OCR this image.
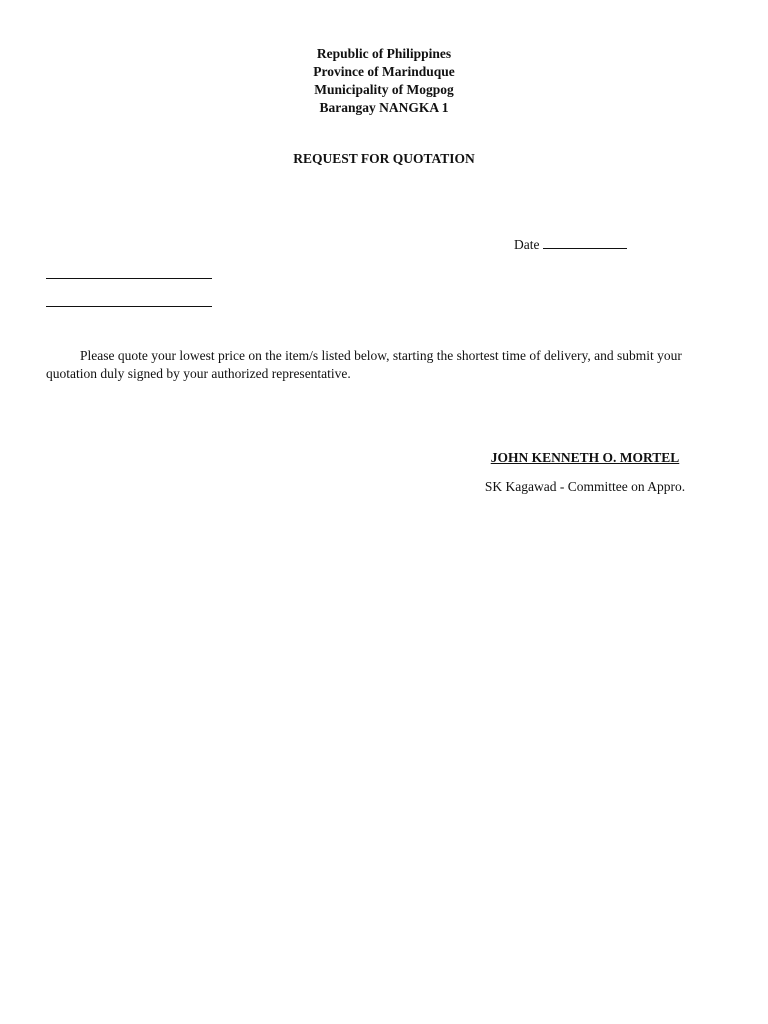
Republic of Philippines
Province of Marinduque
Municipality of Mogpog
Barangay NANGKA 1
REQUEST FOR QUOTATION
Date
Please quote your lowest price on the item/s listed below, starting the shortest time of delivery, and submit your quotation duly signed by your authorized representative.
JOHN KENNETH O. MORTEL
SK Kagawad - Committee on Appro.
